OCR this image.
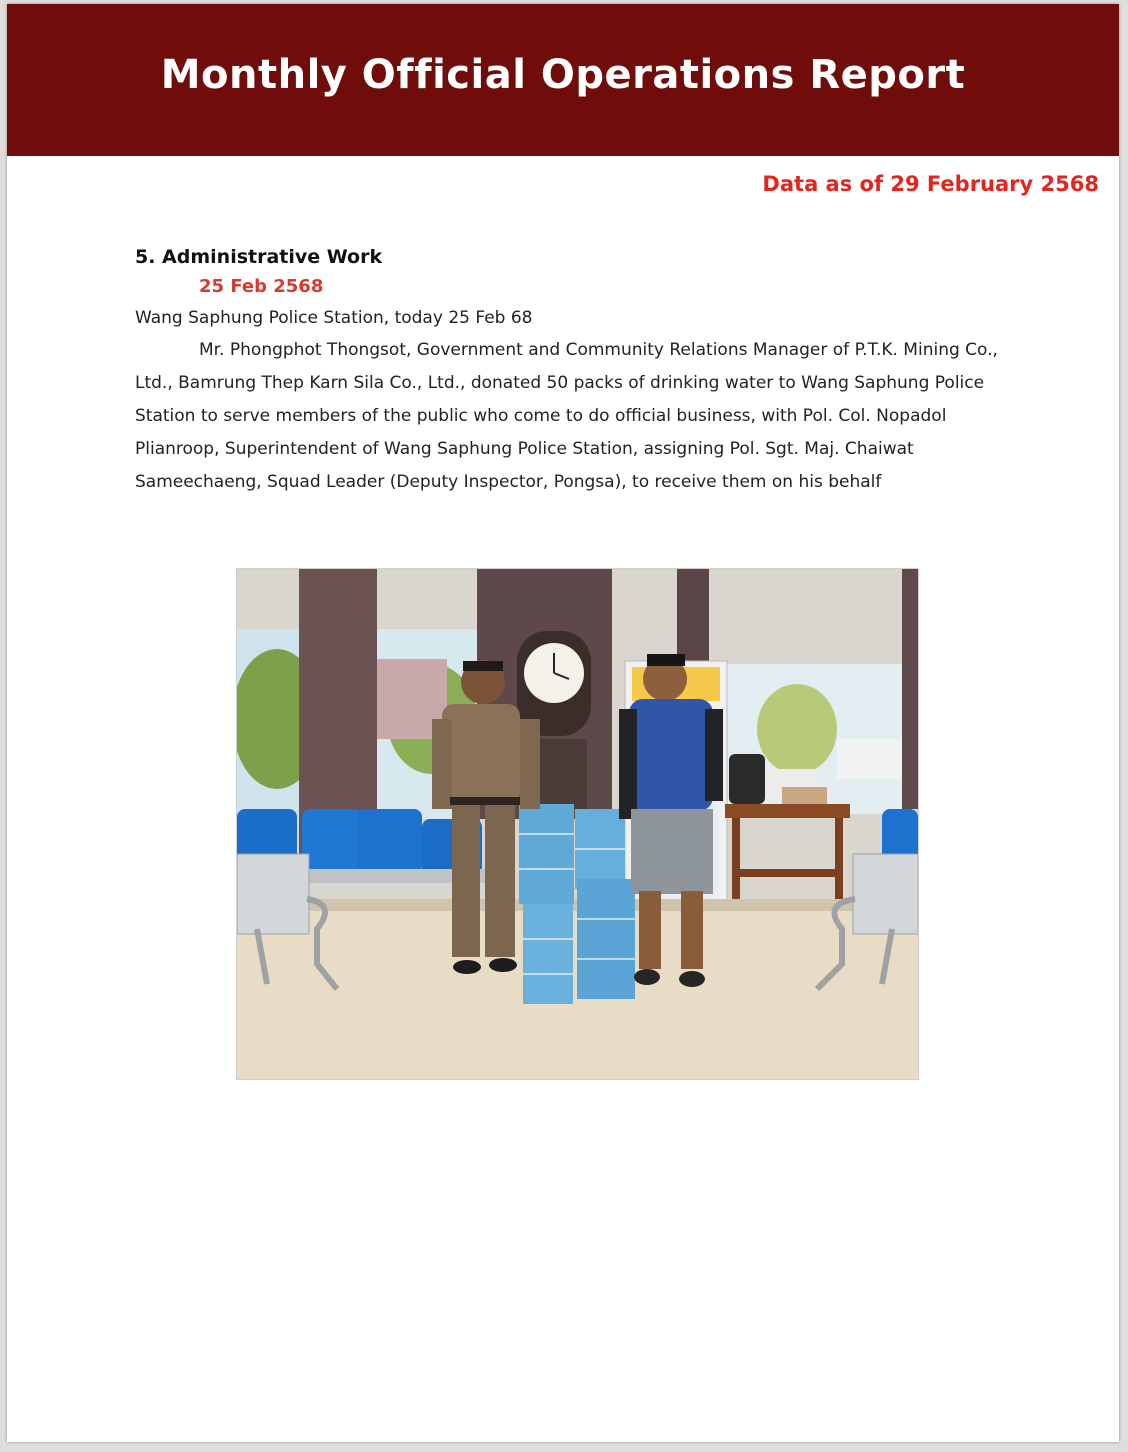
Monthly Official Operations Report
Data as of 29 February 2568
5. Administrative Work
25 Feb 2568
Wang Saphung Police Station, today 25 Feb 68

Mr. Phongphot Thongsot, Government and Community Relations Manager of P.T.K. Mining Co., Ltd., Bamrung Thep Karn Sila Co., Ltd., donated 50 packs of drinking water to Wang Saphung Police Station to serve members of the public who come to do official business, with Pol. Col. Nopadol Plianroop, Superintendent of Wang Saphung Police Station, assigning Pol. Sgt. Maj. Chaiwat Sameechaeng, Squad Leader (Deputy Inspector, Pongsa), to receive them on his behalf
